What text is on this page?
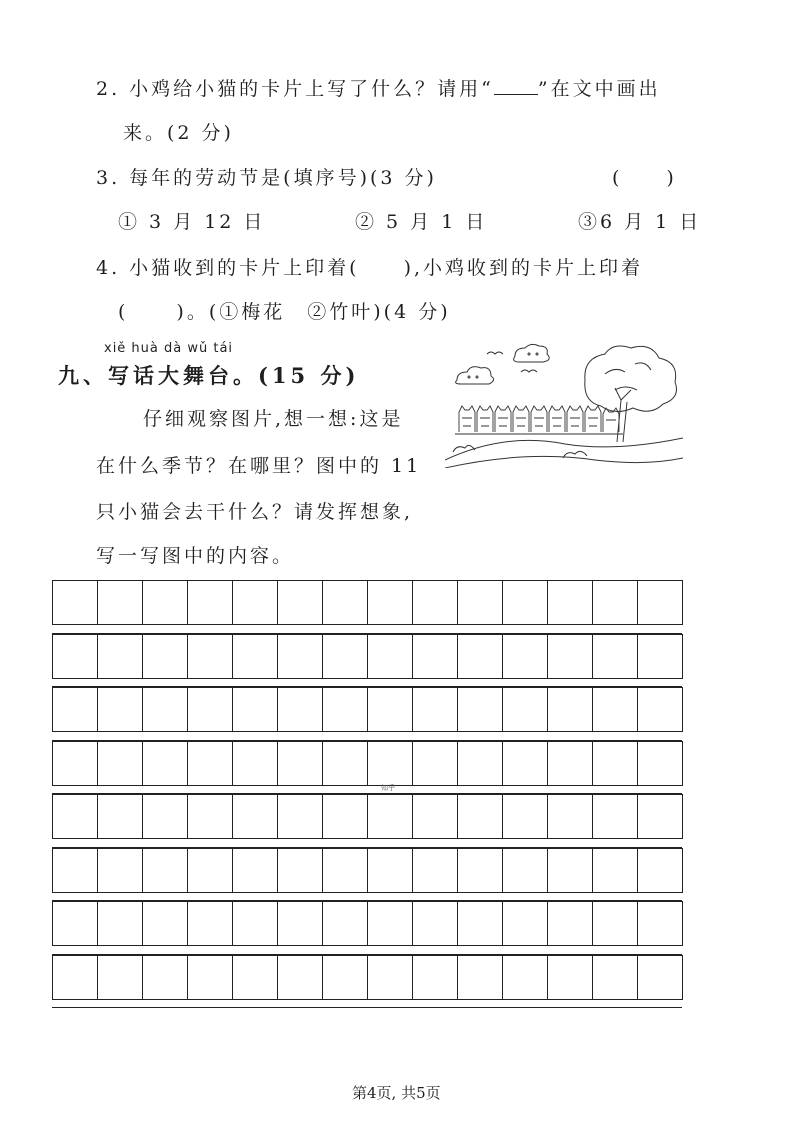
2. 小鸡给小猫的卡片上写了什么？请用“ ”在文中画出
来。(2 分)
3. 每年的劳动节是(填序号)(3 分)	(　　)
① 3 月 12 日	② 5 月 1 日	③6 月 1 日
4. 小猫收到的卡片上印着( ),小鸡收到的卡片上印着
(	)。(①梅花　②竹叶)(4 分)
xiě huà dà wǔ tái
九、写话大舞台。(15 分)
仔细观察图片,想一想:这是
在什么季节？在哪里？图中的 11
只小猫会去干什么？请发挥想象,
写一写图中的内容。
知乎
第4页, 共5页
